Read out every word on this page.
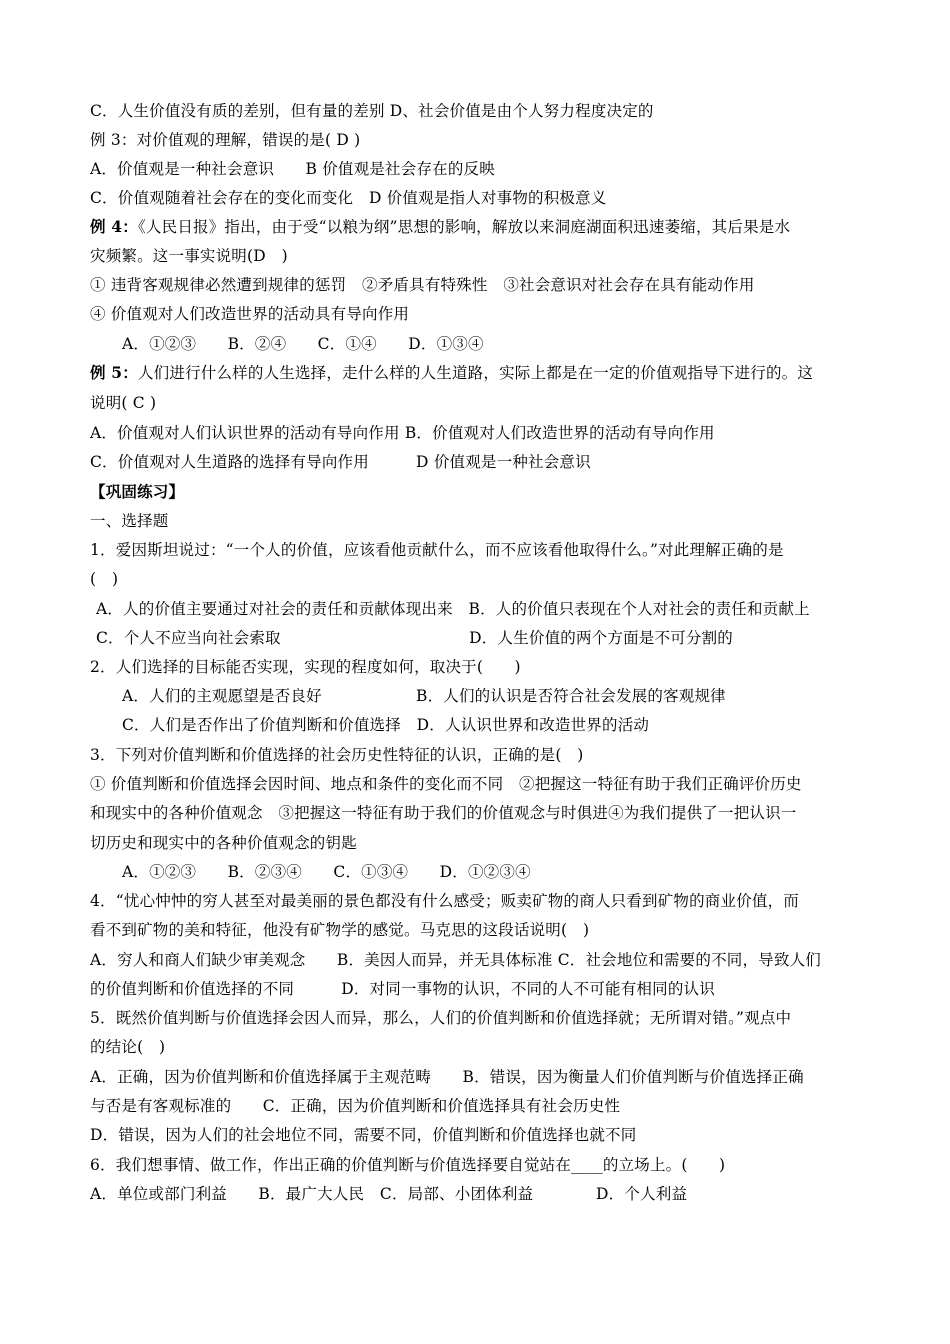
C．人生价值没有质的差别，但有量的差别 D、社会价值是由个人努力程度决定的
例 3：对价值观的理解，错误的是( D )
A．价值观是一种社会意识　　B 价值观是社会存在的反映
C．价值观随着社会存在的变化而变化　D 价值观是指人对事物的积极意义
例 4：《人民日报》指出，由于受“以粮为纲”思想的影响，解放以来洞庭湖面积迅速萎缩，其后果是水
灾频繁。这一事实说明(D　)
① 违背客观规律必然遭到规律的惩罚　②矛盾具有特殊性　③社会意识对社会存在具有能动作用
④ 价值观对人们改造世界的活动具有导向作用
A．①②③　　B．②④　　C．①④　　D．①③④
例 5：人们进行什么样的人生选择，走什么样的人生道路，实际上都是在一定的价值观指导下进行的。这
说明( C )
A．价值观对人们认识世界的活动有导向作用 B．价值观对人们改造世界的活动有导向作用
C．价值观对人生道路的选择有导向作用　　　D 价值观是一种社会意识
【巩固练习】
一、选择题
1．爱因斯坦说过：“一个人的价值，应该看他贡献什么，而不应该看他取得什么。”对此理解正确的是
(　)
A．人的价值主要通过对社会的责任和贡献体现出来　B．人的价值只表现在个人对社会的责任和贡献上
C．个人不应当向社会索取　　　　　　　　　　　　D．人生价值的两个方面是不可分割的
2．人们选择的目标能否实现，实现的程度如何，取决于(　　)
A．人们的主观愿望是否良好　　　　　　B．人们的认识是否符合社会发展的客观规律
C．人们是否作出了价值判断和价值选择　D．人认识世界和改造世界的活动
3．下列对价值判断和价值选择的社会历史性特征的认识，正确的是(　)
① 价值判断和价值选择会因时间、地点和条件的变化而不同　②把握这一特征有助于我们正确评价历史
和现实中的各种价值观念　③把握这一特征有助于我们的价值观念与时俱进④为我们提供了一把认识一
切历史和现实中的各种价值观念的钥匙
A．①②③　　B．②③④　　C．①③④　　D．①②③④
4．“忧心忡忡的穷人甚至对最美丽的景色都没有什么感受；贩卖矿物的商人只看到矿物的商业价值，而
看不到矿物的美和特征，他没有矿物学的感觉。马克思的这段话说明(　)
A．穷人和商人们缺少审美观念　　B．美因人而异，并无具体标准 C．社会地位和需要的不同，导致人们
的价值判断和价值选择的不同　　　D．对同一事物的认识，不同的人不可能有相同的认识
5．既然价值判断与价值选择会因人而异，那么，人们的价值判断和价值选择就；无所谓对错。”观点中
的结论(　)
A．正确，因为价值判断和价值选择属于主观范畴　　B．错误，因为衡量人们价值判断与价值选择正确
与否是有客观标准的　　C．正确，因为价值判断和价值选择具有社会历史性
D．错误，因为人们的社会地位不同，需要不同，价值判断和价值选择也就不同
6．我们想事情、做工作，作出正确的价值判断与价值选择要自觉站在____的立场上。(　　)
A．单位或部门利益　　B．最广大人民　C．局部、小团体利益　　　　D．个人利益
